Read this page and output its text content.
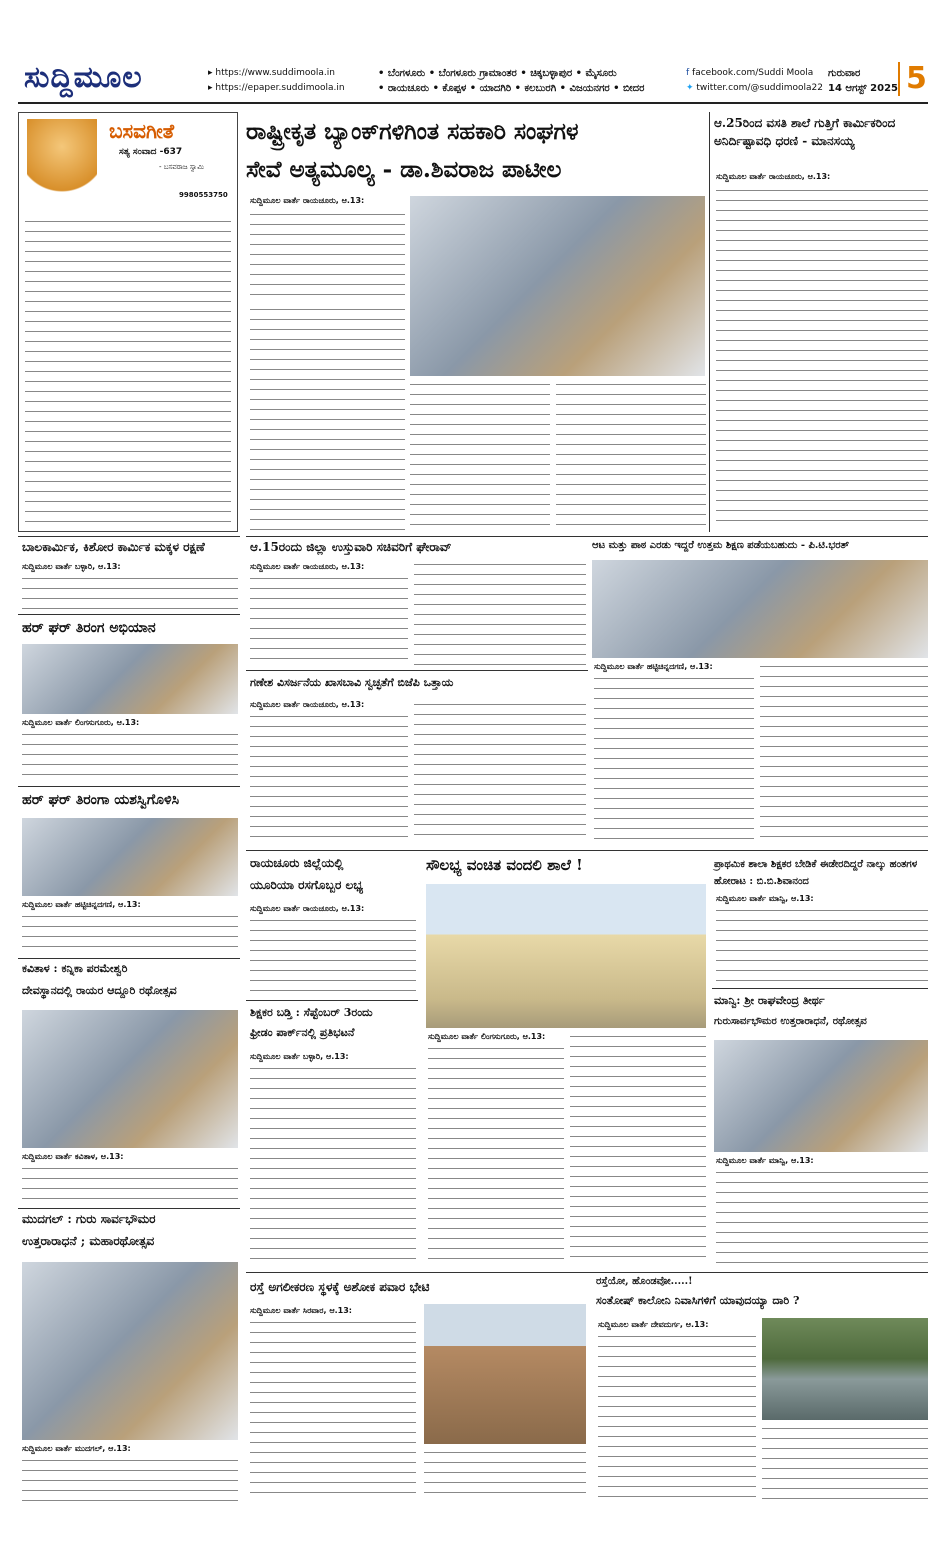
ಸುದ್ದಿಮೂಲ	▸ https://www.suddimoola.in
▸ https://epaper.suddimoola.in
• ಬೆಂಗಳೂರು • ಬೆಂಗಳೂರು ಗ್ರಾಮಾಂತರ • ಚಿಕ್ಕಬಳ್ಳಾಪುರ • ಮೈಸೂರು
• ರಾಯಚೂರು • ಕೊಪ್ಪಳ • ಯಾದಗಿರಿ • ಕಲಬುರಗಿ • ವಿಜಯನಗರ • ಬೀದರ
f facebook.com/Suddi Moola
✦ twitter.com/@suddimoola22
ಗುರುವಾರ
14 ಆಗಸ್ಟ್ 2025 5
ಬಸವಗೀತೆ
ಸತ್ಯ ಸಂವಾದ -637
- ಬಸವರಾಜ ಸ್ವಾಮಿ
9980553750
ರಾಷ್ಟ್ರೀಕೃತ ಬ್ಯಾಂಕ್‌ಗಳಿಗಿಂತ ಸಹಕಾರಿ ಸಂಘಗಳ
ಸೇವೆ ಅತ್ಯಮೂಲ್ಯ - ಡಾ.ಶಿವರಾಜ ಪಾಟೀಲ
ಸುದ್ದಿಮೂಲ ವಾರ್ತೆ ರಾಯಚೂರು, ಆ.13:
ಆ.25ರಿಂದ ವಸತಿ ಶಾಲೆ ಗುತ್ತಿಗೆ ಕಾರ್ಮಿಕರಿಂದ ಅನಿರ್ದಿಷ್ಟಾವಧಿ ಧರಣಿ - ಮಾನಸಯ್ಯ
ಸುದ್ದಿಮೂಲ ವಾರ್ತೆ ರಾಯಚೂರು, ಆ.13:
ಬಾಲಕಾರ್ಮಿಕ, ಕಿಶೋರ ಕಾರ್ಮಿಕ ಮಕ್ಕಳ ರಕ್ಷಣೆ
ಸುದ್ದಿಮೂಲ ವಾರ್ತೆ ಬಳ್ಳಾರಿ, ಆ.13:
ಹರ್ ಘರ್ ತಿರಂಗ ಅಭಿಯಾನ
ಸುದ್ದಿಮೂಲ ವಾರ್ತೆ ಲಿಂಗಸುಗೂರು, ಆ.13:
ಹರ್ ಘರ್ ತಿರಂಗಾ ಯಶಸ್ವಿಗೊಳಿಸಿ
ಸುದ್ದಿಮೂಲ ವಾರ್ತೆ ಹಟ್ಟಿಚಿನ್ನದಗಣಿ, ಆ.13:
ಕವಿತಾಳ : ಕನ್ನಿಕಾ ಪರಮೇಶ್ವರಿ
ದೇವಸ್ಥಾನದಲ್ಲಿ ರಾಯರ ಆದ್ದೂರಿ ರಥೋತ್ಸವ
ಸುದ್ದಿಮೂಲ ವಾರ್ತೆ ಕವಿತಾಳ, ಆ.13:
ಮುದಗಲ್ : ಗುರು ಸಾರ್ವಭೌಮರ
ಉತ್ತರಾರಾಧನೆ ; ಮಹಾರಥೋತ್ಸವ
ಸುದ್ದಿಮೂಲ ವಾರ್ತೆ ಮುದಗಲ್, ಆ.13:
ಆ.15ರಂದು ಜಿಲ್ಲಾ ಉಸ್ತುವಾರಿ ಸಚಿವರಿಗೆ ಘೇರಾವ್
ಸುದ್ದಿಮೂಲ ವಾರ್ತೆ ರಾಯಚೂರು, ಆ.13:
ಆಟ ಮತ್ತು ಪಾಠ ಎರಡು ಇದ್ದರೆ ಉತ್ತಮ ಶಿಕ್ಷಣ ಪಡೆಯಬಹುದು - ಪಿ.ಟಿ.ಭರತ್
ಸುದ್ದಿಮೂಲ ವಾರ್ತೆ ಹಟ್ಟಿಚಿನ್ನದಗಣಿ, ಆ.13:
ಗಣೇಶ ವಿಸರ್ಜನೆಯ ಖಾಸಬಾವಿ ಸ್ವಚ್ಛತೆಗೆ ಬಿಜೆಪಿ ಒತ್ತಾಯ
ಸುದ್ದಿಮೂಲ ವಾರ್ತೆ ರಾಯಚೂರು, ಆ.13:
ರಾಯಚೂರು ಜಿಲ್ಲೆಯಲ್ಲಿ
ಯೂರಿಯಾ ರಸಗೊಬ್ಬರ ಲಭ್ಯ
ಸುದ್ದಿಮೂಲ ವಾರ್ತೆ ರಾಯಚೂರು, ಆ.13:
ಶಿಕ್ಷಕರ ಬಡ್ತಿ : ಸೆಪ್ಟೆಂಬರ್ 3ರಂದು
ಫ್ರೀಡಂ ಪಾರ್ಕ್‌ನಲ್ಲಿ ಪ್ರತಿಭಟನೆ
ಸುದ್ದಿಮೂಲ ವಾರ್ತೆ ಬಳ್ಳಾರಿ, ಆ.13:
ಸೌಲಭ್ಯ ವಂಚಿತ ವಂದಲಿ ಶಾಲೆ !
ಸುದ್ದಿಮೂಲ ವಾರ್ತೆ ಲಿಂಗಸುಗೂರು, ಆ.13:
ಪ್ರಾಥಮಿಕ ಶಾಲಾ ಶಿಕ್ಷಕರ ಬೇಡಿಕೆ ಈಡೇರದಿದ್ದರೆ ನಾಲ್ಕು ಹಂತಗಳ ಹೋರಾಟ : ಬಿ.ಬಿ.ಶಿವಾನಂದ
ಸುದ್ದಿಮೂಲ ವಾರ್ತೆ ಮಾನ್ವಿ, ಆ.13:
ಮಾನ್ವಿ: ಶ್ರೀ ರಾಘವೇಂದ್ರ ತೀರ್ಥ
ಗುರುಸಾರ್ವಭೌಮರ ಉತ್ತರಾರಾಧನೆ, ರಥೋತ್ಸವ
ಸುದ್ದಿಮೂಲ ವಾರ್ತೆ ಮಾನ್ವಿ, ಆ.13:
ರಸ್ತೆ ಅಗಲೀಕರಣ ಸ್ಥಳಕ್ಕೆ ಅಶೋಕ ಪವಾರ ಭೇಟಿ
ಸುದ್ದಿಮೂಲ ವಾರ್ತೆ ಸಿರವಾರ, ಆ.13:
ರಸ್ತೆಯೋ, ಹೊಂಡವೋ.....!
ಸಂತೋಷ್ ಕಾಲೋನಿ ನಿವಾಸಿಗಳಿಗೆ ಯಾವುದಯ್ಯಾ ದಾರಿ ?
ಸುದ್ದಿಮೂಲ ವಾರ್ತೆ ದೇವದುರ್ಗ, ಆ.13:
